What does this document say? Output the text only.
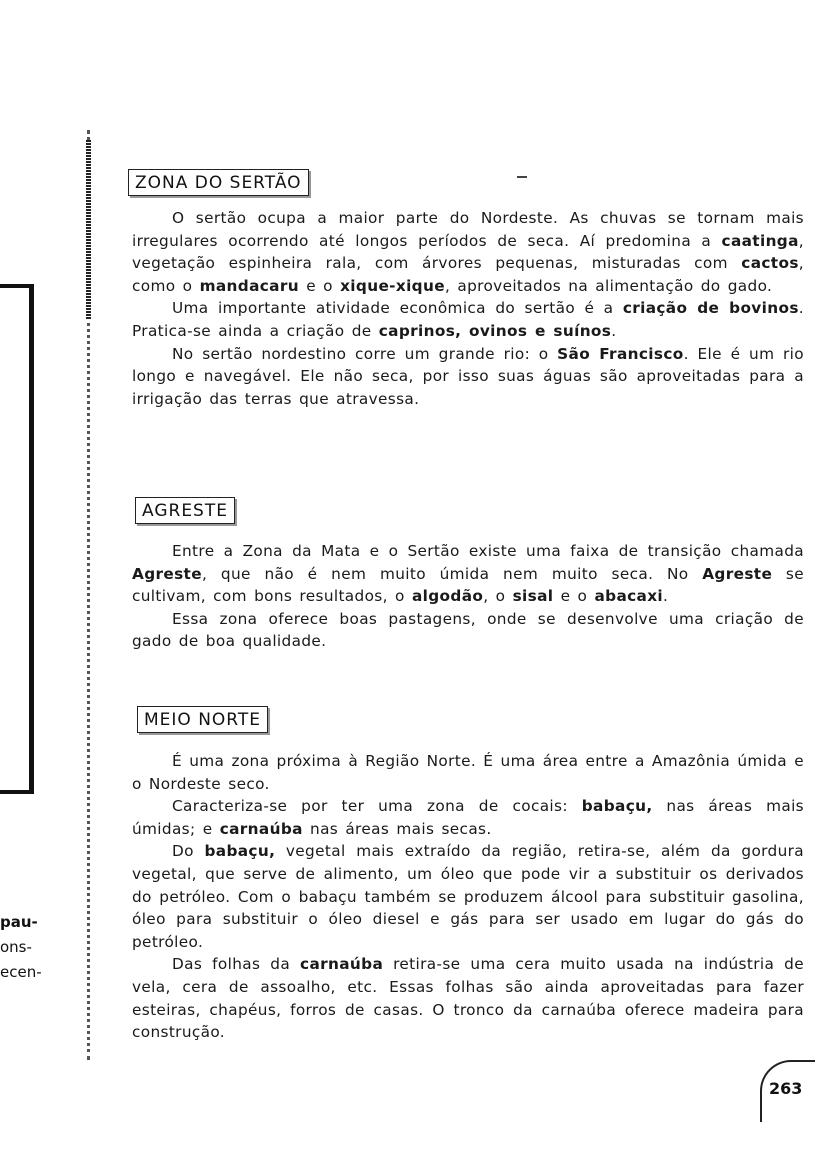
pau-
ons-
ecen-
ZONA DO SERTÃO

O sertão ocupa a maior parte do Nordeste. As chuvas se tornam mais irregulares ocorrendo até longos períodos de seca. Aí predomina a caatinga, vegetação espinheira rala, com árvores pequenas, misturadas com cactos, como o mandacaru e o xique-xique, aproveitados na alimentação do gado.

Uma importante atividade econômica do sertão é a criação de bovinos. Pratica-se ainda a criação de caprinos, ovinos e suínos.

No sertão nordestino corre um grande rio: o São Francisco. Ele é um rio longo e navegável. Ele não seca, por isso suas águas são aproveitadas para a irrigação das terras que atravessa.

AGRESTE

Entre a Zona da Mata e o Sertão existe uma faixa de transição chamada Agreste, que não é nem muito úmida nem muito seca. No Agreste se cultivam, com bons resultados, o algodão, o sisal e o abacaxi.

Essa zona oferece boas pastagens, onde se desenvolve uma criação de gado de boa qualidade.

MEIO NORTE

É uma zona próxima à Região Norte. É uma área entre a Amazônia úmida e o Nordeste seco.

Caracteriza-se por ter uma zona de cocais: babaçu, nas áreas mais úmidas; e carnaúba nas áreas mais secas.

Do babaçu, vegetal mais extraído da região, retira-se, além da gordura vegetal, que serve de alimento, um óleo que pode vir a substituir os derivados do petróleo. Com o babaçu também se produzem álcool para substituir gasolina, óleo para substituir o óleo diesel e gás para ser usado em lugar do gás do petróleo.

Das folhas da carnaúba retira-se uma cera muito usada na indústria de vela, cera de assoalho, etc. Essas folhas são ainda aproveitadas para fazer esteiras, chapéus, forros de casas. O tronco da carnaúba oferece madeira para construção.

263
